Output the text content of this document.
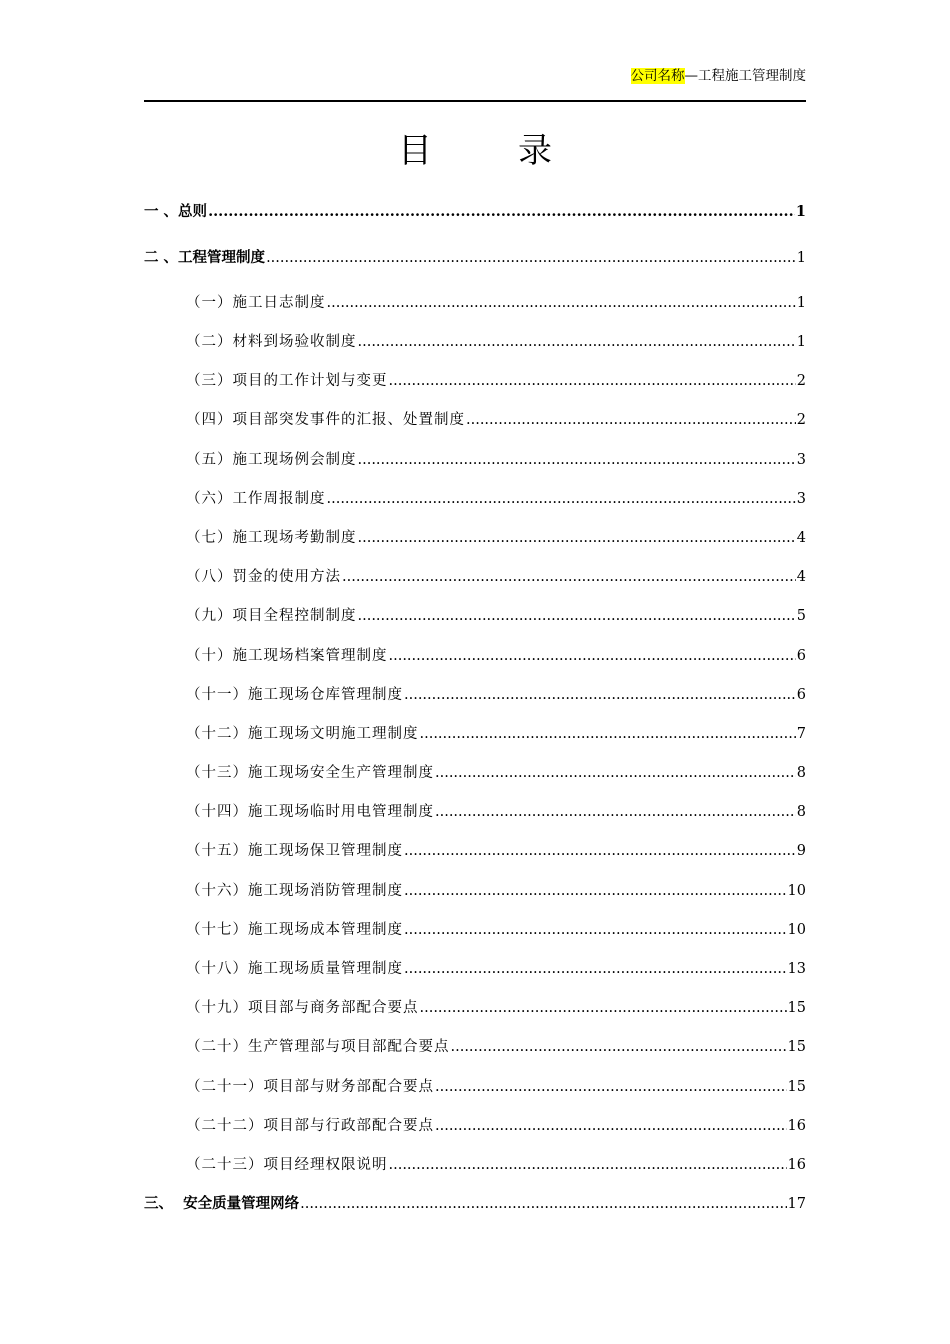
公司名称—工程施工管理制度
目录
一 、总则 .....	1
二 、工程管理制度 .....	1
（一）施工日志制度 .....	1
（二）材料到场验收制度 .....	1
（三）项目的工作计划与变更 .....	2
（四）项目部突发事件的汇报、处置制度 .....	2
（五）施工现场例会制度 .....	3
（六）工作周报制度 .....	3
（七）施工现场考勤制度 .....	4
（八）罚金的使用方法 .....	4
（九）项目全程控制制度 .....	5
（十）施工现场档案管理制度 .....	6
（十一）施工现场仓库管理制度 .....	6
（十二）施工现场文明施工理制度 .....	7
（十三）施工现场安全生产管理制度 .....	8
（十四）施工现场临时用电管理制度 .....	8
（十五）施工现场保卫管理制度 .....	9
（十六）施工现场消防管理制度 .....	10
（十七）施工现场成本管理制度 .....	10
（十八）施工现场质量管理制度 .....	13
（十九）项目部与商务部配合要点 .....	15
（二十）生产管理部与项目部配合要点 .....	15
（二十一）项目部与财务部配合要点 .....	15
（二十二）项目部与行政部配合要点 .....	16
（二十三）项目经理权限说明 .....	16
三、  安全质量管理网络 .....	17
